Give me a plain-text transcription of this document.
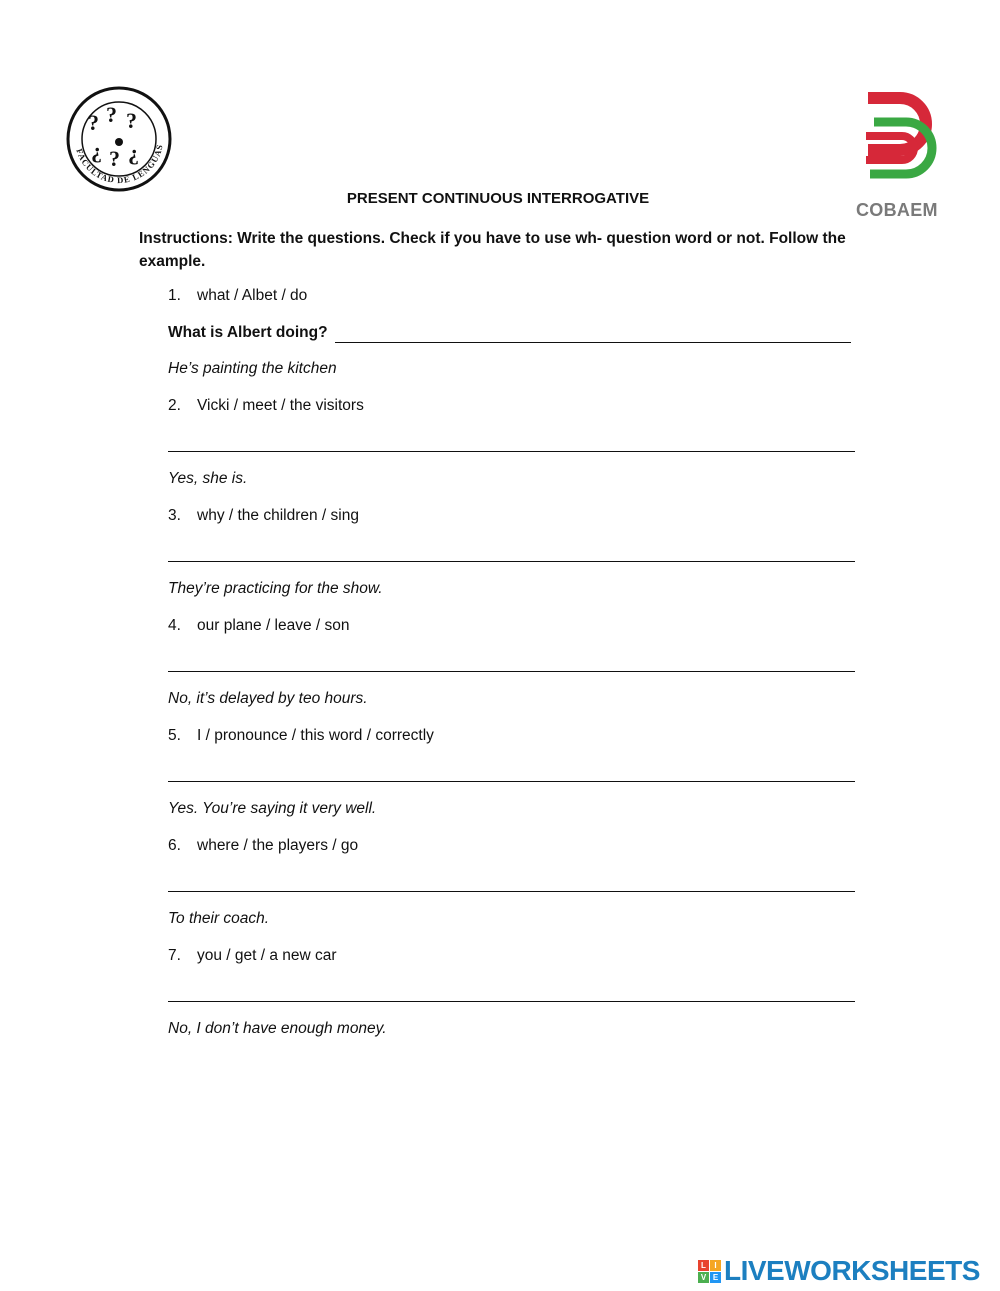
FACULTAD DE LENGUAS
? ? ?
¿ ? ¿
COBAEM
PRESENT CONTINUOUS INTERROGATIVE
Instructions: Write the questions. Check if you have to use wh- question word or not. Follow the example.
1. what / Albet / do
What is Albert doing?
He’s painting the kitchen
2. Vicki / meet / the visitors
Yes, she is.
3. why / the children / sing
They’re practicing for the show.
4. our plane / leave / son
No, it’s delayed by teo hours.
5. I / pronounce / this word / correctly
Yes. You’re saying it very well.
6. where / the players / go
To their coach.
7. you / get / a new car
No, I don’t have enough money.
L	I
V E LIVEWORKSHEETS
